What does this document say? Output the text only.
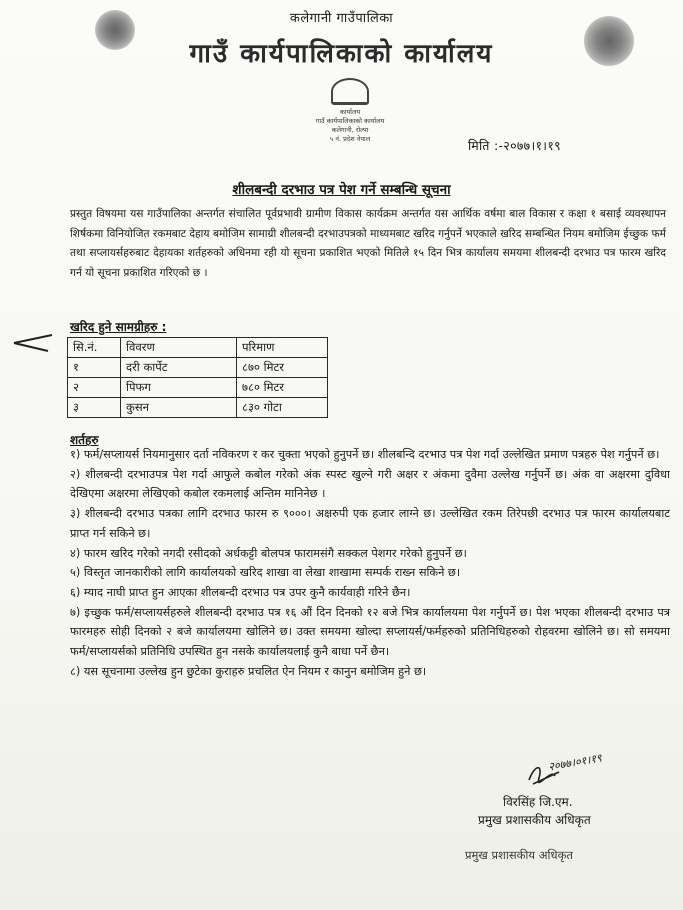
कलेगानी गाउँपालिका
गाउँ कार्यपालिकाको कार्यालय
कार्यालय
गाउँ कार्यपालिकाको कार्यालय
कलेगानी, रोल्पा
५ नं. प्रदेश नेपाल	मिति :-२०७७।१।१९
शीलबन्दी दरभाउ पत्र पेश गर्ने सम्बन्धि सूचना
प्रस्तुत विषयमा यस गाउँपालिका अन्तर्गत संचालित पूर्वप्रभावी ग्रामीण विकास कार्यक्रम अन्तर्गत यस आर्थिक वर्षमा बाल विकास र कक्षा १ बसाई व्यवस्थापन शिर्षकमा विनियोजित रकमबाट देहाय बमोजिम सामाग्री शीलबन्दी दरभाउपत्रको माध्यमबाट खरिद गर्नुपर्ने भएकाले खरिद सम्बन्धित नियम बमोजिम ईच्छुक फर्म तथा सप्लायर्सहरुबाट देहायका शर्तहरुको अधिनमा रही यो सूचना प्रकाशित भएको मितिले १५ दिन भित्र कार्यालय समयमा शीलबन्दी दरभाउ पत्र फारम खरिद गर्न यो सूचना प्रकाशित गरिएको छ ।
खरिद हुने सामग्रीहरु :
सि.नं.	विवरण	परिमाण
१	दरी कार्पेट	८७० मिटर
२	पिफग	७८० मिटर
३	कुसन	८३० गोटा
शर्तहरु
१) फर्म/सप्लायर्स नियमानुसार दर्ता नविकरण र कर चुक्ता भएको हुनुपर्ने छ। शीलबन्दि दरभाउ पत्र पेश गर्दा उल्लेखित प्रमाण पत्रहरु पेश गर्नुपर्ने छ।
२) शीलबन्दी दरभाउपत्र पेश गर्दा आफुले कबोल गरेको अंक स्पस्ट खुल्ने गरी अक्षर र अंकमा दुवैमा उल्लेख गर्नुपर्ने छ। अंक वा अक्षरमा दुविधा देखिएमा अक्षरमा लेखिएको कबोल रकमलाई अन्तिम मानिनेछ ।
३) शीलबन्दी दरभाउ पत्रका लागि दरभाउ फारम रु ९०००। अक्षरुपी एक हजार लाग्ने छ। उल्लेखित रकम तिरेपछी दरभाउ पत्र फारम कार्यालयबाट प्राप्त गर्न सकिने छ।
४) फारम खरिद गरेको नगदी रसीदको अर्धकट्टी बोलपत्र फारामसंगै सक्कल पेशगर गरेको हुनुपर्ने छ।
५) विस्तृत जानकारीको लागि कार्यालयको खरिद शाखा वा लेखा शाखामा सम्पर्क राख्न सकिने छ।
६) म्याद नाघी प्राप्त हुन आएका शीलबन्दी दरभाउ पत्र उपर कुनै कार्यवाही गरिने छैन।
७) इच्छुक फर्म/सप्लायर्सहरुले शीलबन्दी दरभाउ पत्र १६ औं दिन दिनको १२ बजे भित्र कार्यालयमा पेश गर्नुपर्ने छ। पेश भएका शीलबन्दी दरभाउ पत्र फारमहरु सोही दिनको २ बजे कार्यालयमा खोलिने छ। उक्त समयमा खोल्दा सप्लायर्स/फर्महरुको प्रतिनिधिहरुको रोहवरमा खोलिने छ। सो समयमा फर्म/सप्लायर्सको प्रतिनिधि उपस्थित हुन नसके कार्यालयलाई कुनै बाधा पर्ने छैन।
८) यस सूचनामा उल्लेख हुन छुटेका कुराहरु प्रचलित ऐन नियम र कानुन बमोजिम हुने छ।
२०७७।०१।१९
विरसिंह जि.एम.
प्रमुख प्रशासकीय अधिकृत
प्रमुख प्रशासकीय अधिकृत
